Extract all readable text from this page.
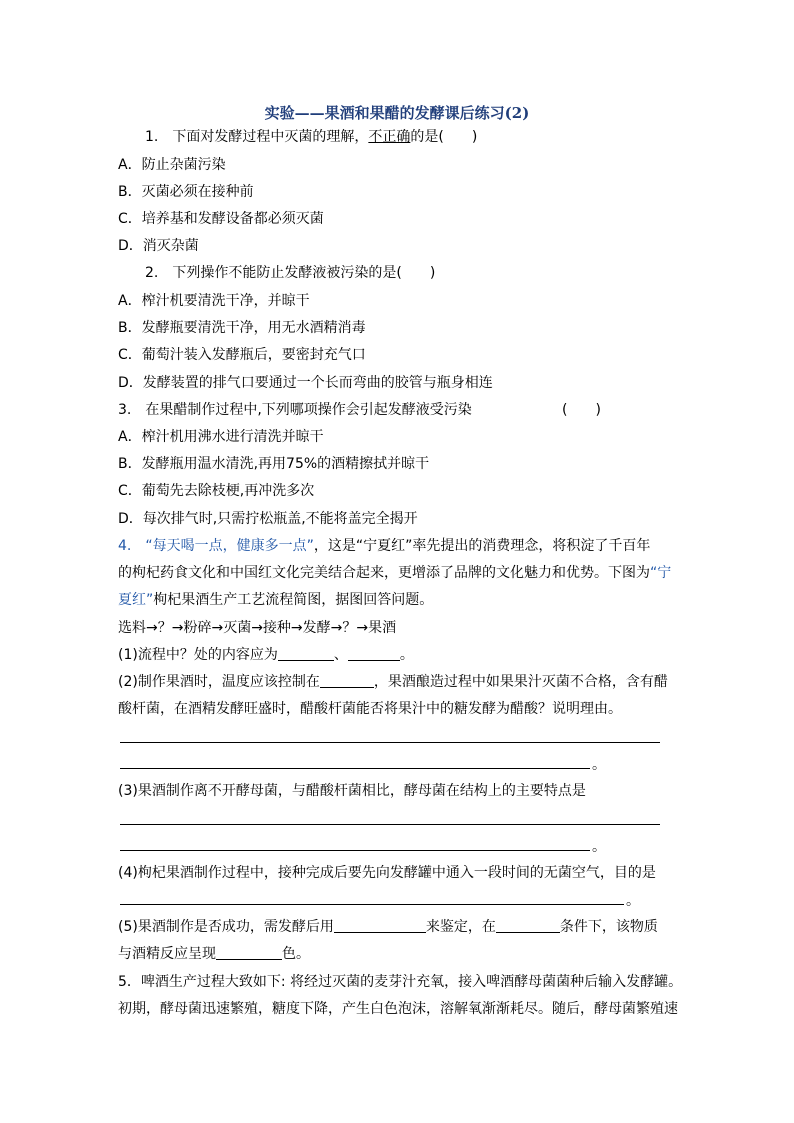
实验——果酒和果醋的发酵课后练习(2)
1.　下面对发酵过程中灭菌的理解，不正确的是(　　)
A．防止杂菌污染
B．灭菌必须在接种前
C．培养基和发酵设备都必须灭菌
D．消灭杂菌
2.　下列操作不能防止发酵液被污染的是(　　)
A．榨汁机要清洗干净，并晾干
B．发酵瓶要清洗干净，用无水酒精消毒
C．葡萄汁装入发酵瓶后，要密封充气口
D．发酵装置的排气口要通过一个长而弯曲的胶管与瓶身相连
3.　在果醋制作过程中,下列哪项操作会引起发酵液受污染	(　　)
A．榨汁机用沸水进行清洗并晾干
B．发酵瓶用温水清洗,再用75%的酒精擦拭并晾干
C．葡萄先去除枝梗,再冲洗多次
D．每次排气时,只需拧松瓶盖,不能将盖完全揭开
4.　 “每天喝一点，健康多一点”，这是“宁夏红”率先提出的消费理念，将积淀了千百年
的枸杞药食文化和中国红文化完美结合起来，更增添了品牌的文化魅力和优势。下图为“宁
夏红”枸杞果酒生产工艺流程简图，据图回答问题。
选料→？→粉碎→灭菌→接种→发酵→？→果酒
(1)流程中？处的内容应为	、	。
(2)制作果酒时，温度应该控制在	，果酒酿造过程中如果果汁灭菌不合格，含有醋
酸杆菌，在酒精发酵旺盛时，醋酸杆菌能否将果汁中的糖发酵为醋酸？说明理由。
。
(3)果酒制作离不开酵母菌，与醋酸杆菌相比，酵母菌在结构上的主要特点是
。
(4)枸杞果酒制作过程中，接种完成后要先向发酵罐中通入一段时间的无菌空气，目的是
。
(5)果酒制作是否成功，需发酵后用	来鉴定，在	条件下，该物质
与酒精反应呈现	色。
5．啤酒生产过程大致如下: 将经过灭菌的麦芽汁充氧，接入啤酒酵母菌菌种后输入发酵罐。
初期，酵母菌迅速繁殖，糖度下降，产生白色泡沫，溶解氧渐渐耗尽。随后，酵母菌繁殖速
